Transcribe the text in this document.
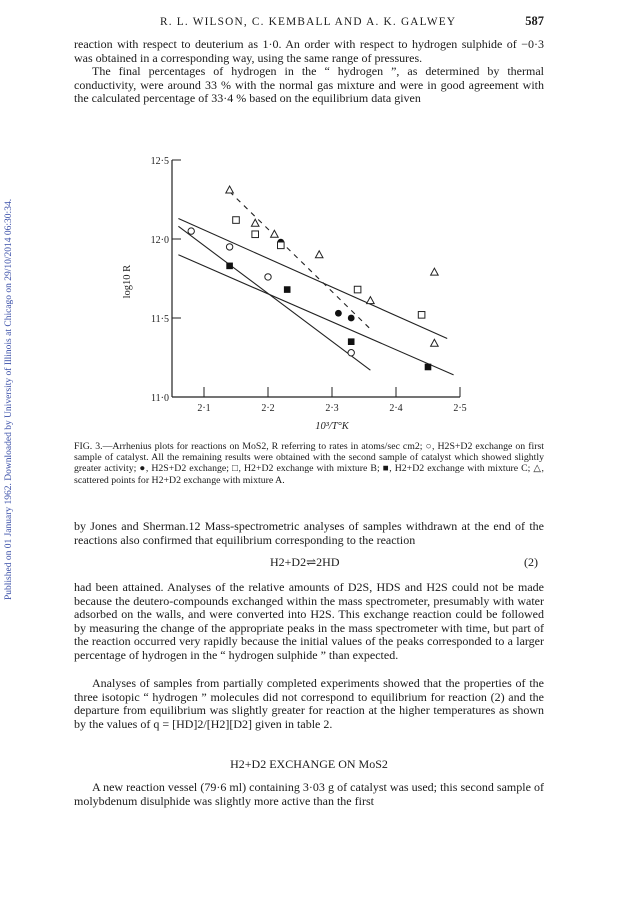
Published on 01 January 1962. Downloaded by University of Illinois at Chicago on 29/10/2014 06:30:34.
R. L. WILSON, C. KEMBALL AND A. K. GALWEY	587

reaction with respect to deuterium as 1·0. An order with respect to hydrogen sulphide of −0·3 was obtained in a corresponding way, using the same range of pressures.

The final percentages of hydrogen in the “ hydrogen ”, as determined by thermal conductivity, were around 33 % with the normal gas mixture and were in good agreement with the calculated percentage of 33·4 % based on the equilibrium data given

2·1	2·2	2·3	2·4	2·5
12·5
12·0
11·5
11·0
10³/T°K
log10 R

FIG. 3.—Arrhenius plots for reactions on MoS2, R referring to rates in atoms/sec cm2; ○, H2S+D2 exchange on first sample of catalyst. All the remaining results were obtained with the second sample of catalyst which showed slightly greater activity; ●, H2S+D2 exchange; □, H2+D2 exchange with mixture B; ■, H2+D2 exchange with mixture C; △, scattered points for H2+D2 exchange with mixture A.

by Jones and Sherman.12 Mass-spectrometric analyses of samples withdrawn at the end of the reactions also confirmed that equilibrium corresponding to the reaction

H2+D2⇌2HD	(2)

had been attained. Analyses of the relative amounts of D2S, HDS and H2S could not be made because the deutero-compounds exchanged within the mass spectrometer, presumably with water adsorbed on the walls, and were converted into H2S. This exchange reaction could be followed by measuring the change of the appropriate peaks in the mass spectrometer with time, but part of the reaction occurred very rapidly because the initial values of the peaks corresponded to a larger percentage of hydrogen in the “ hydrogen sulphide ” than expected.

Analyses of samples from partially completed experiments showed that the properties of the three isotopic “ hydrogen ” molecules did not correspond to equilibrium for reaction (2) and the departure from equilibrium was slightly greater for reaction at the higher temperatures as shown by the values of q = [HD]2/[H2][D2] given in table 2.

H2+D2 EXCHANGE ON MoS2

A new reaction vessel (79·6 ml) containing 3·03 g of catalyst was used; this second sample of molybdenum disulphide was slightly more active than the first
